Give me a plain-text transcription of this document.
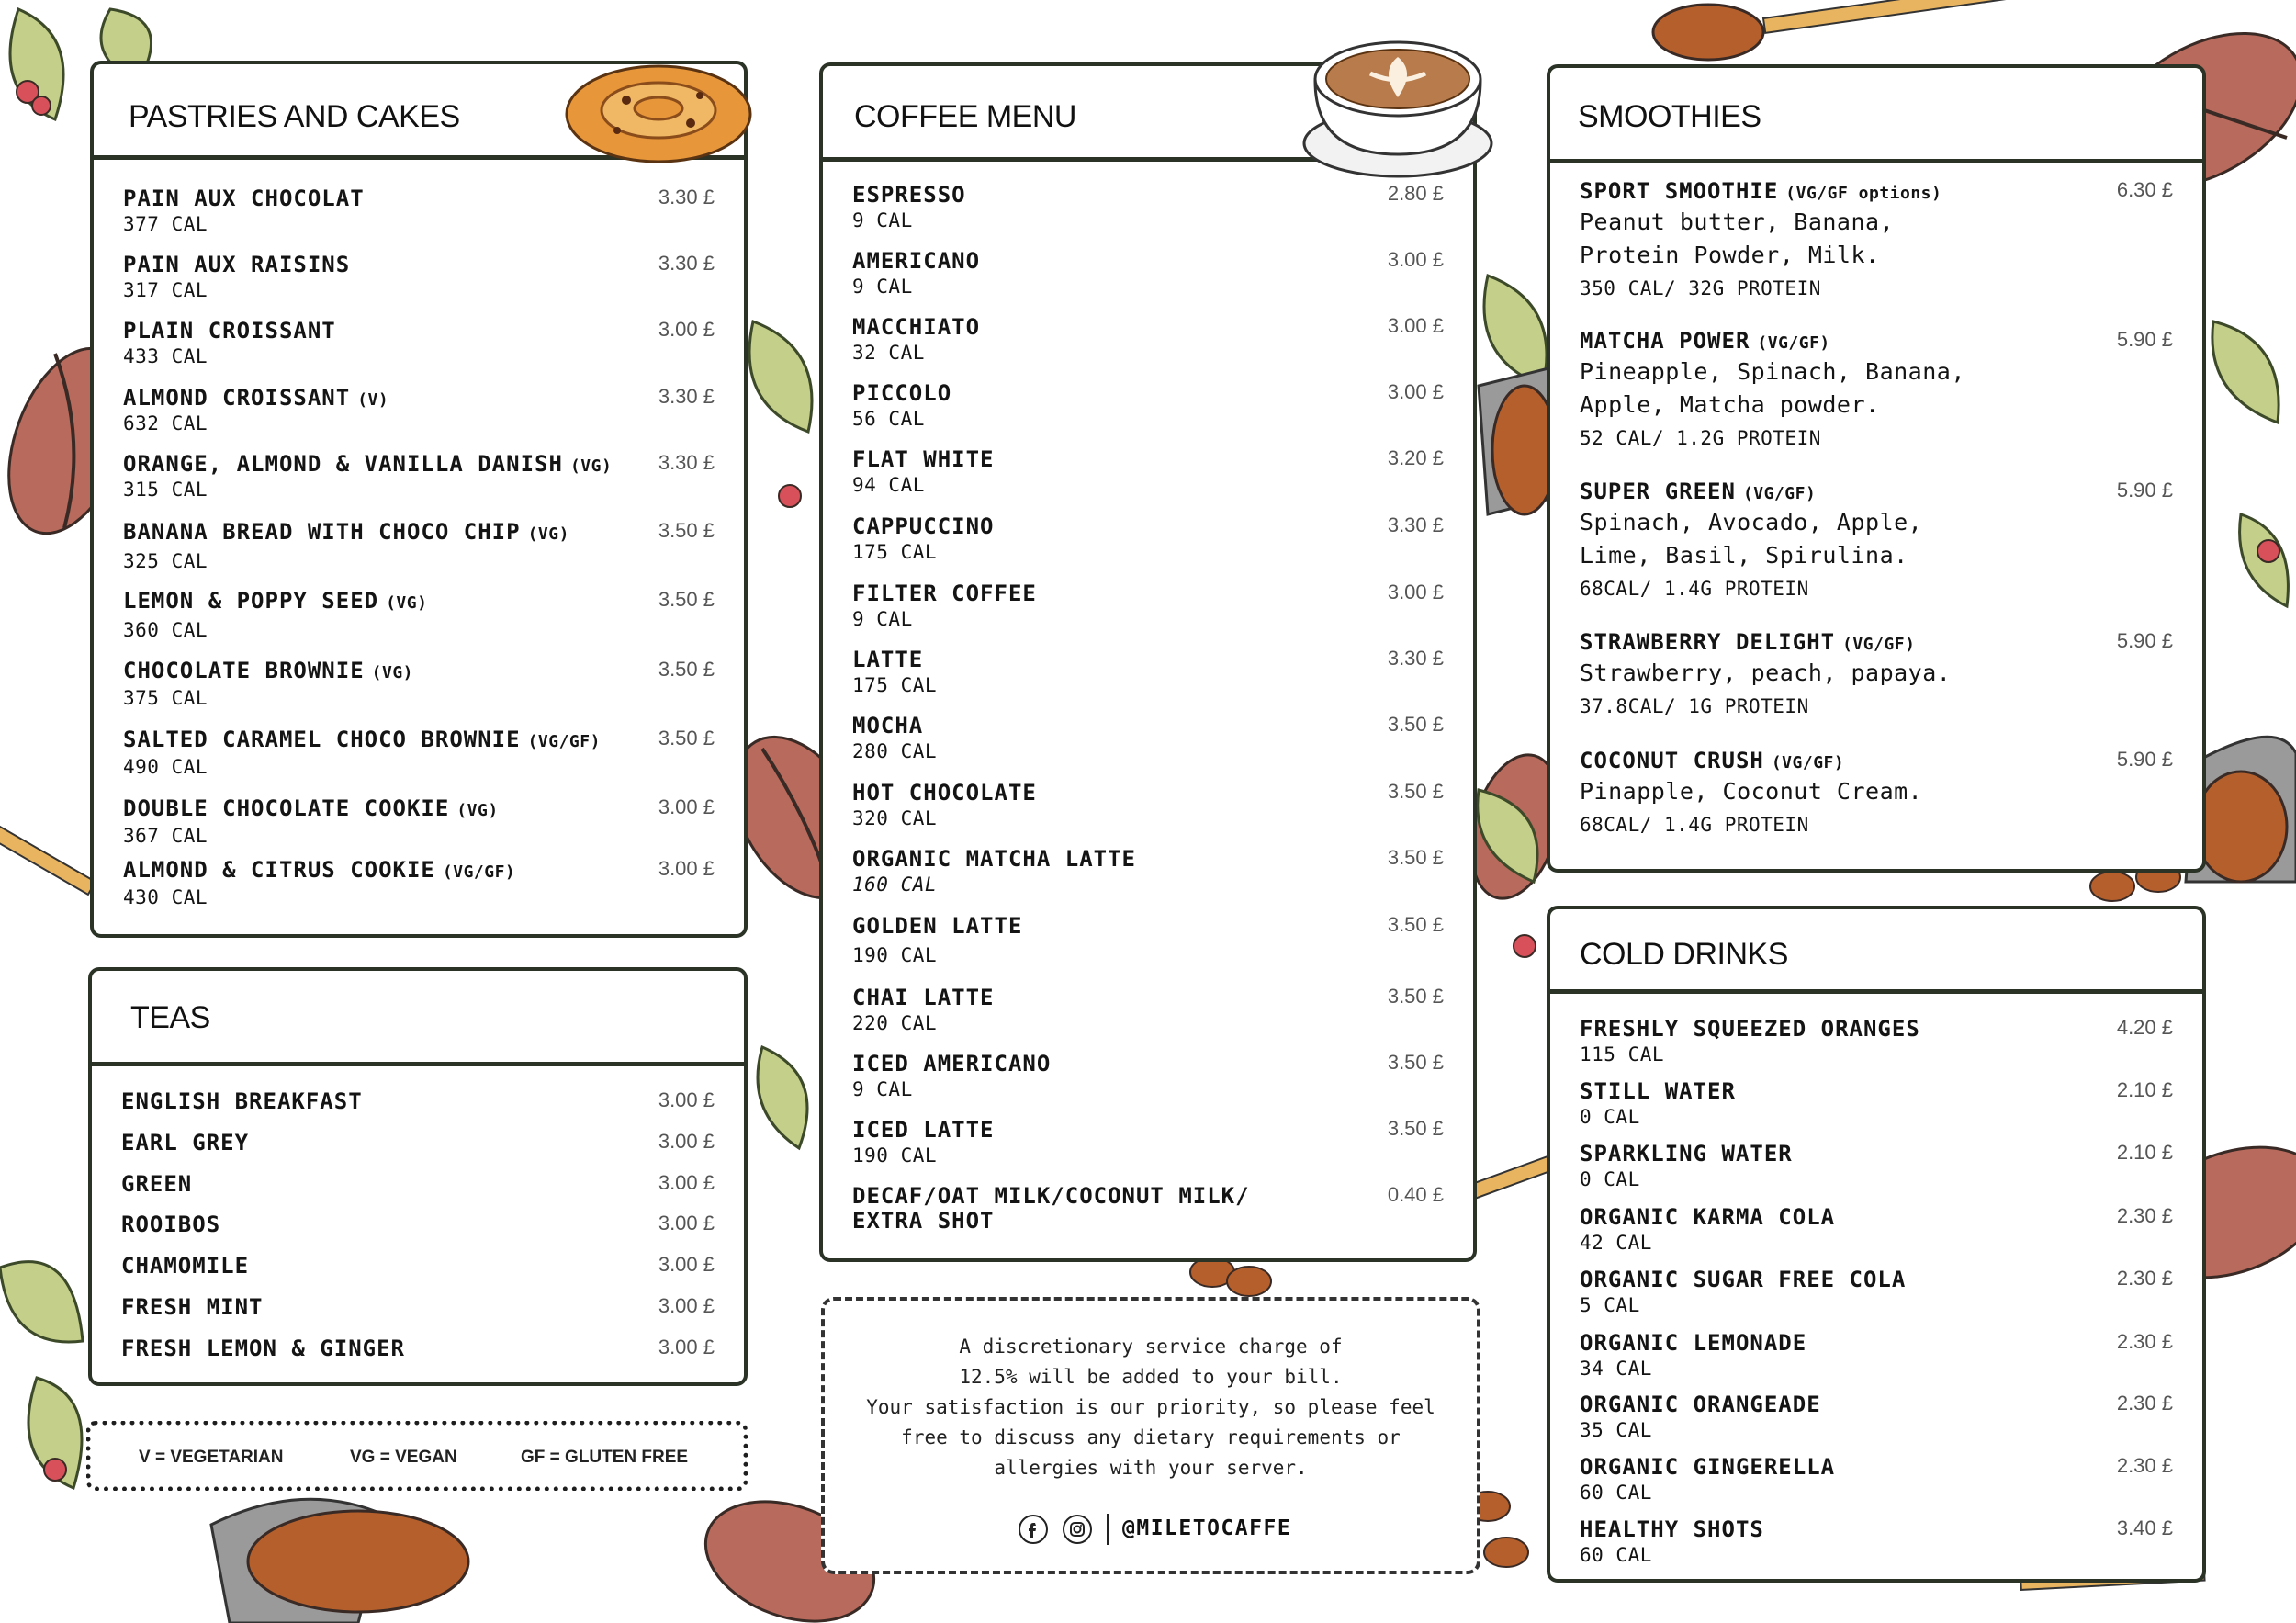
PASTRIES AND CAKES
PAIN AUX CHOCOLAT
377 CAL
3.30 £
PAIN AUX RAISINS
317 CAL
3.30 £
PLAIN CROISSANT
433 CAL
3.00 £
ALMOND CROISSANT (V)
632 CAL
3.30 £
ORANGE, ALMOND & VANILLA DANISH (VG)
315 CAL
3.30 £
BANANA BREAD WITH CHOCO CHIP (VG)
325 CAL
3.50 £
LEMON & POPPY SEED (VG)
360 CAL
3.50 £
CHOCOLATE BROWNIE (VG)
375 CAL
3.50 £
SALTED CARAMEL CHOCO BROWNIE (VG/GF)
490 CAL
3.50 £
DOUBLE CHOCOLATE COOKIE (VG)
367 CAL
3.00 £
ALMOND & CITRUS COOKIE (VG/GF)
430 CAL
3.00 £
TEAS
ENGLISH BREAKFAST	3.00 £
EARL GREY	3.00 £
GREEN	3.00 £
ROOIBOS	3.00 £
CHAMOMILE	3.00 £
FRESH MINT	3.00 £
FRESH LEMON & GINGER	3.00 £
V = VEGETARIAN	VG = VEGAN	GF = GLUTEN FREE
COFFEE MENU
ESPRESSO
9 CAL
2.80 £
AMERICANO
9 CAL
3.00 £
MACCHIATO
32 CAL
3.00 £
PICCOLO
56 CAL
3.00 £
FLAT WHITE
94 CAL
3.20 £
CAPPUCCINO
175 CAL
3.30 £
FILTER COFFEE
9 CAL
3.00 £
LATTE
175 CAL
3.30 £
MOCHA
280 CAL
3.50 £
HOT CHOCOLATE
320 CAL
3.50 £
ORGANIC MATCHA LATTE
160 CAL
3.50 £
GOLDEN LATTE
190 CAL
3.50 £
CHAI LATTE
220 CAL
3.50 £
ICED AMERICANO
9 CAL
3.50 £
ICED LATTE
190 CAL
3.50 £
DECAF/OAT MILK/COCONUT MILK/
EXTRA SHOT
0.40 £
A discretionary service charge of
12.5% will be added to your bill.
Your satisfaction is our priority, so please feel
free to discuss any dietary requirements or
allergies with your server.
@MILETOCAFFE
SMOOTHIES
SPORT SMOOTHIE (VG/GF options)
Peanut butter, Banana,
Protein Powder, Milk.
350 CAL/ 32G PROTEIN
6.30 £
MATCHA POWER (VG/GF)
Pineapple, Spinach, Banana,
Apple, Matcha powder.
52 CAL/ 1.2G PROTEIN
5.90 £
SUPER GREEN (VG/GF)
Spinach, Avocado, Apple,
Lime, Basil, Spirulina.
68CAL/ 1.4G PROTEIN
5.90 £
STRAWBERRY DELIGHT (VG/GF)
Strawberry, peach, papaya.
37.8CAL/ 1G PROTEIN
5.90 £
COCONUT CRUSH (VG/GF)
Pinapple, Coconut Cream.
68CAL/ 1.4G PROTEIN
5.90 £
COLD DRINKS
FRESHLY SQUEEZED ORANGES
115 CAL
4.20 £
STILL WATER
0 CAL
2.10 £
SPARKLING WATER
0 CAL
2.10 £
ORGANIC KARMA COLA
42 CAL
2.30 £
ORGANIC SUGAR FREE COLA
5 CAL
2.30 £
ORGANIC LEMONADE
34 CAL
2.30 £
ORGANIC ORANGEADE
35 CAL
2.30 £
ORGANIC GINGERELLA
60 CAL
2.30 £
HEALTHY SHOTS
60 CAL
3.40 £
